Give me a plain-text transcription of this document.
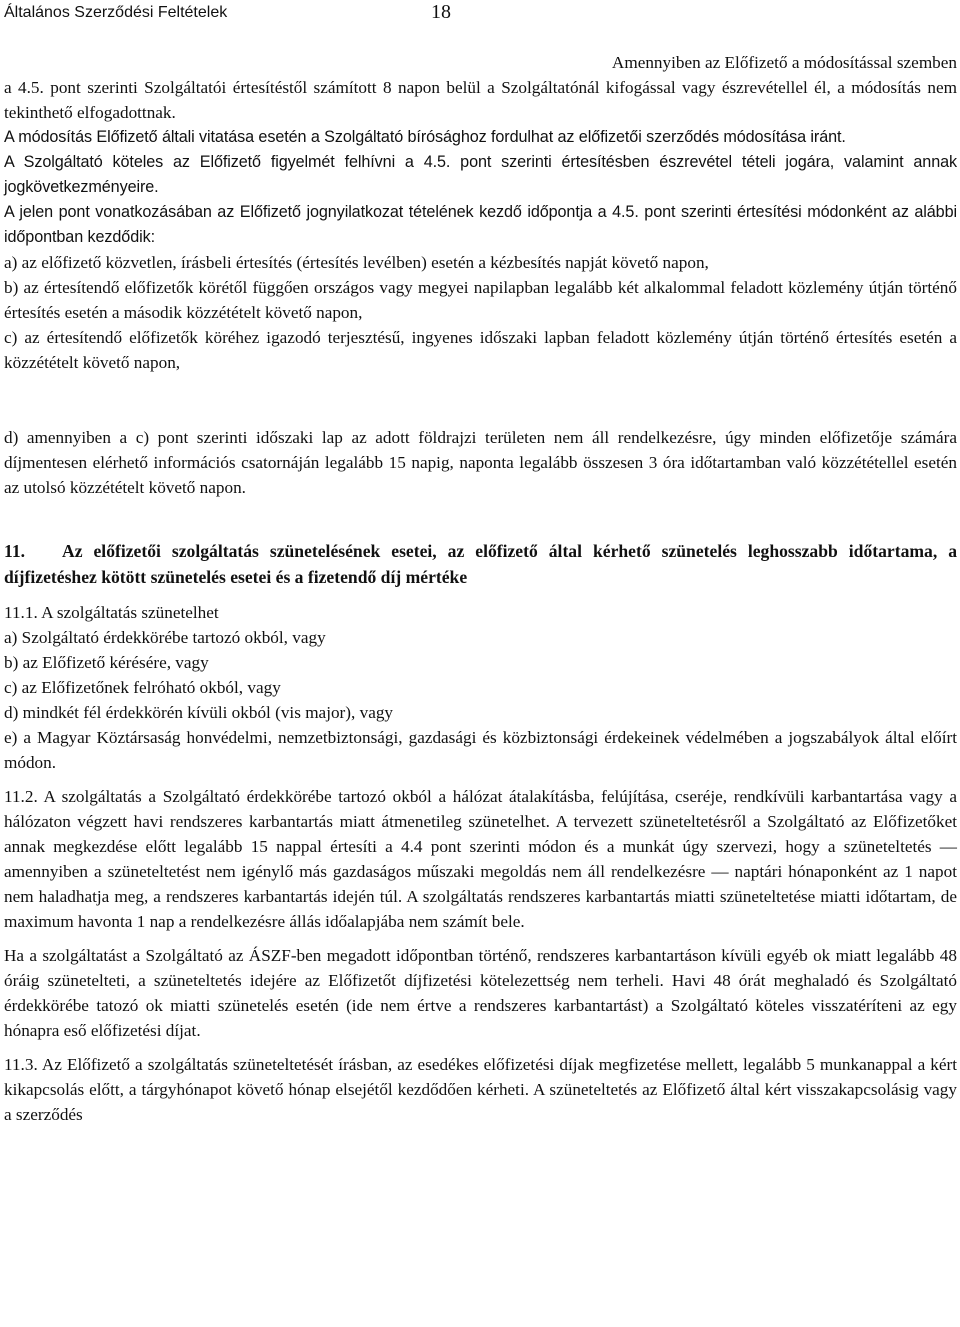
Általános Szerződési Feltételek	18

Amennyiben az Előfizető a módosítással szemben

a 4.5. pont szerinti Szolgáltatói értesítéstől számított 8 napon belül a Szolgáltatónál kifogással vagy észrevétellel él, a módosítás nem tekinthető elfogadottnak.

A módosítás Előfizető általi vitatása esetén a Szolgáltató bírósághoz fordulhat az előfizetői szerződés módosítása iránt.

A Szolgáltató köteles az Előfizető figyelmét felhívni a 4.5. pont szerinti értesítésben észrevétel tételi jogára, valamint annak jogkövetkezményeire.

A jelen pont vonatkozásában az Előfizető jognyilatkozat tételének kezdő időpontja a 4.5. pont szerinti értesítési módonként az alábbi időpontban kezdődik:

a) az előfizető közvetlen, írásbeli értesítés (értesítés levélben) esetén a kézbesítés napját követő napon,

b) az értesítendő előfizetők körétől függően országos vagy megyei napilapban legalább két alkalommal feladott közlemény útján történő értesítés esetén a második közzétételt követő napon,

c) az értesítendő előfizetők köréhez igazodó terjesztésű, ingyenes időszaki lapban feladott közlemény útján történő értesítés esetén a közzétételt követő napon,

d) amennyiben a c) pont szerinti időszaki lap az adott földrajzi területen nem áll rendelkezésre, úgy minden előfizetője számára díjmentesen elérhető információs csatornáján legalább 15 napig, naponta legalább összesen 3 óra időtartamban való közzététellel esetén az utolsó közzétételt követő napon.

11. Az előfizetői szolgáltatás szünetelésének esetei, az előfizető által kérhető szünetelés leghosszabb időtartama, a díjfizetéshez kötött szünetelés esetei és a fizetendő díj mértéke

11.1. A szolgáltatás szünetelhet

a) Szolgáltató érdekkörébe tartozó okból, vagy

b) az Előfizető kérésére, vagy

c) az Előfizetőnek felróható okból, vagy

d) mindkét fél érdekkörén kívüli okból (vis major), vagy

e) a Magyar Köztársaság honvédelmi, nemzetbiztonsági, gazdasági és közbiztonsági érdekeinek védelmében a jogszabályok által előírt módon.

11.2. A szolgáltatás a Szolgáltató érdekkörébe tartozó okból a hálózat átalakításba, felújítása, cseréje, rendkívüli karbantartása vagy a hálózaton végzett havi rendszeres karbantartás miatt átmenetileg szünetelhet. A tervezett szüneteltetésről a Szolgáltató az Előfizetőket annak megkezdése előtt legalább 15 nappal értesíti a 4.4 pont szerinti módon és a munkát úgy szervezi, hogy a szüneteltetés — amennyiben a szüneteltetést nem igénylő más gazdaságos műszaki megoldás nem áll rendelkezésre — naptári hónaponként az 1 napot nem haladhatja meg, a rendszeres karbantartás idején túl. A szolgáltatás rendszeres karbantartás miatti szüneteltetése miatti időtartam, de maximum havonta 1 nap a rendelkezésre állás időalapjába nem számít bele.

Ha a szolgáltatást a Szolgáltató az ÁSZF-ben megadott időpontban történő, rendszeres karbantartáson kívüli egyéb ok miatt legalább 48 óráig szünetelteti, a szüneteltetés idejére az Előfizetőt díjfizetési kötelezettség nem terheli. Havi 48 órát meghaladó és Szolgáltató érdekkörébe tatozó ok miatti szünetelés esetén (ide nem értve a rendszeres karbantartást) a Szolgáltató köteles visszatéríteni az egy hónapra eső előfizetési díjat.

11.3. Az Előfizető a szolgáltatás szüneteltetését írásban, az esedékes előfizetési díjak megfizetése mellett, legalább 5 munkanappal a kért kikapcsolás előtt, a tárgyhónapot követő hónap elsejétől kezdődően kérheti. A szüneteltetés az Előfizető által kért visszakapcsolásig vagy a szerződés
